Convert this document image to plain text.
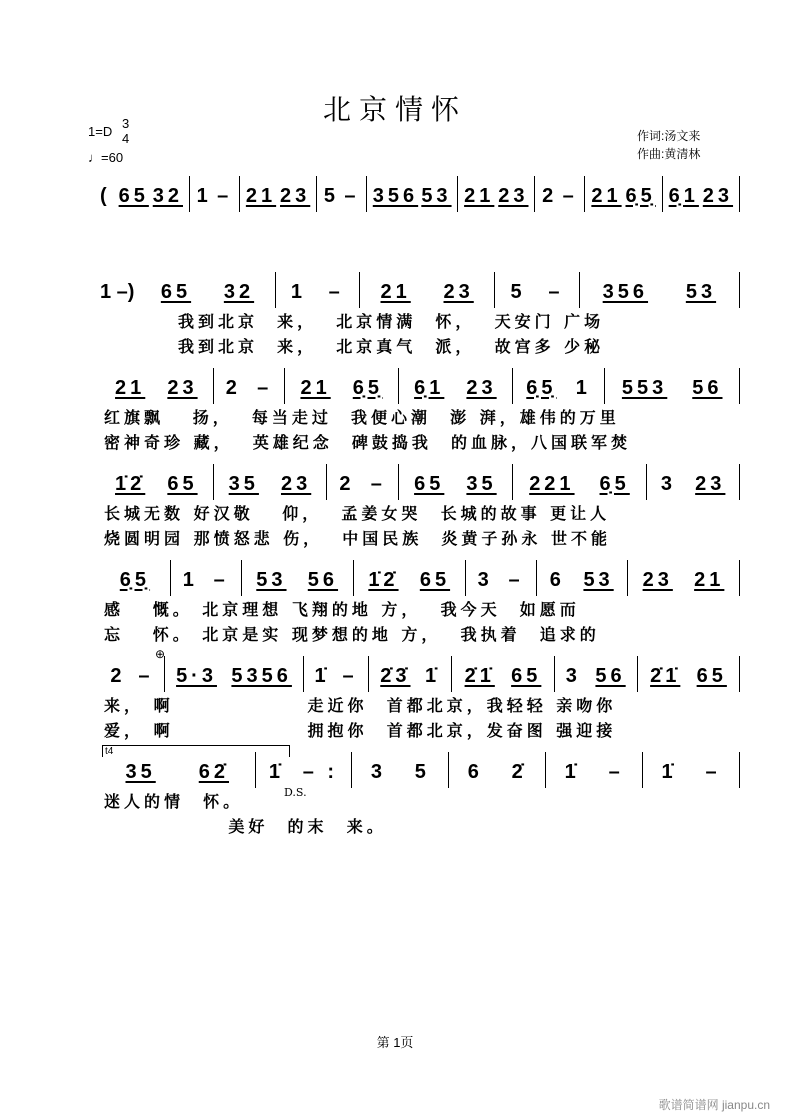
北京情怀
1=D
3
4
♩=60
作词:汤文来
作曲:黄清林
( 65 32 1 – 21 23 5 – 356 53 21 23 2 – 21 6̣5̣ 6̣1 23
1 –)	65 32 1 – 21 23 5 – 356 53
我到北京  来，  北京情满  怀，  天安门 广场
我到北京  来，  北京真气  派，  故宫多 少秘
21 23 2 – 21 6̣5̣ 6̣1 23 6̣5̣ 1 553 56
红旗飘   扬，  每当走过  我便心潮  澎 湃，雄伟的万里
密神奇珍 藏，  英雄纪念  碑鼓捣我  的血脉，八国联军焚
1̇2̇ 65 35 23 2 – 65 35 221 6̣5 3 23
长城无数 好汉敬   仰，  孟姜女哭  长城的故事 更让人
烧圆明园 那愤怒悲 伤，  中国民族  炎黄子孙永 世不能
6̣5̣ 1 – 53 56 1̇2̇ 65 3 – 6 53 23 21
感   慨。 北京理想 飞翔的地 方，  我今天  如愿而
忘   怀。 北京是实 现梦想的地 方，  我执着  追求的
2 – 5·3 5356 1̇ – 2̇3̇ 1̇ 2̇1̇ 65 3 56 2̇1̇ 65
来， 啊              走近你  首都北京，我轻轻 亲吻你
爱， 啊              拥抱你  首都北京，发奋图 强迎接
35 62̇ 1̇ – : 3 5 6 2̇ 1̇ – 1̇ –
迷人的情  怀。
美好  的末  来。
⊕
t4
D.S.
第 1页
歌谱简谱网 jianpu.cn
